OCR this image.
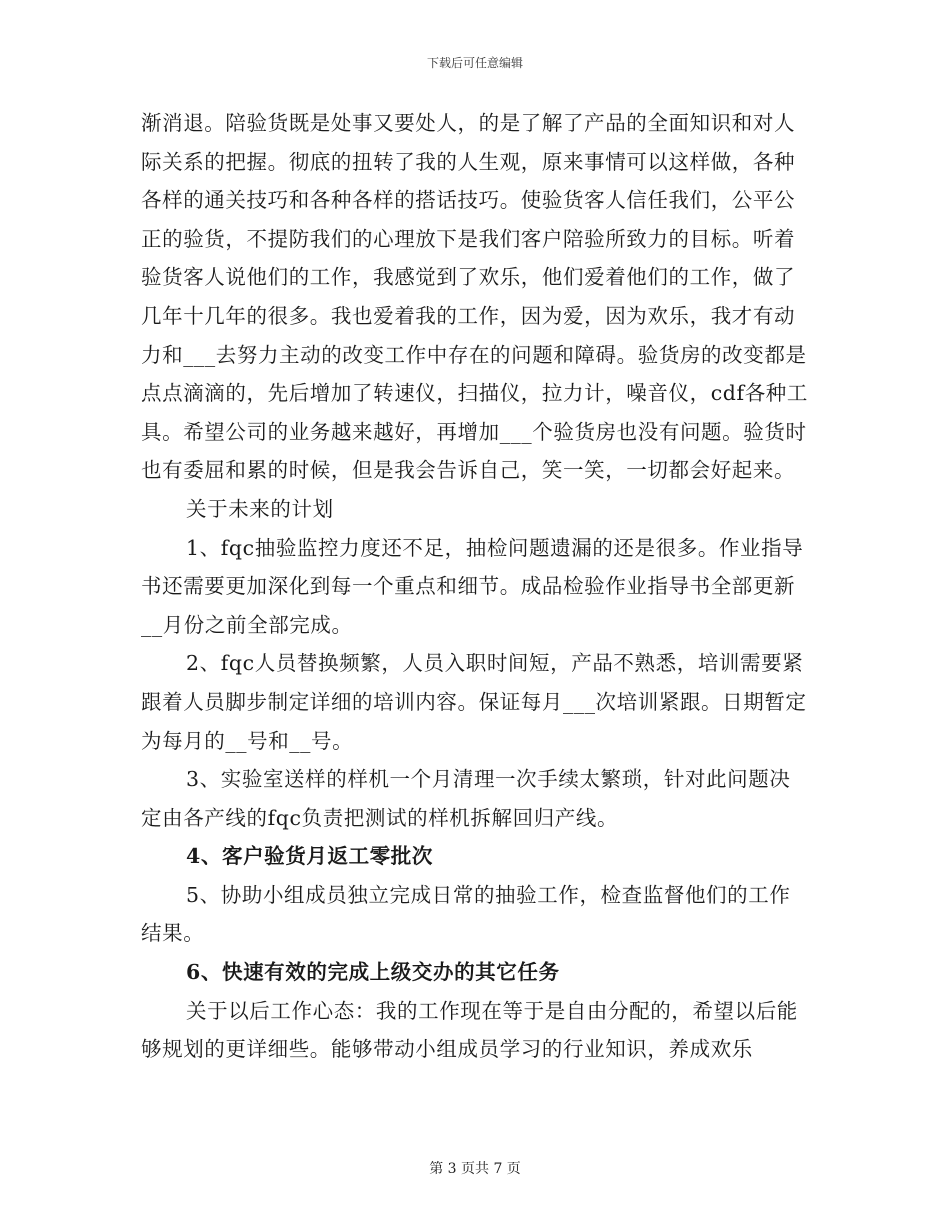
下载后可任意编辑

渐消退。陪验货既是处事又要处人，的是了解了产品的全面知识和对人际关系的把握。彻底的扭转了我的人生观，原来事情可以这样做，各种各样的通关技巧和各种各样的搭话技巧。使验货客人信任我们，公平公正的验货，不提防我们的心理放下是我们客户陪验所致力的目标。听着验货客人说他们的工作，我感觉到了欢乐，他们爱着他们的工作，做了几年十几年的很多。我也爱着我的工作，因为爱，因为欢乐，我才有动力和___去努力主动的改变工作中存在的问题和障碍。验货房的改变都是点点滴滴的，先后增加了转速仪，扫描仪，拉力计，噪音仪，cdf各种工具。希望公司的业务越来越好，再增加___个验货房也没有问题。验货时也有委屈和累的时候，但是我会告诉自己，笑一笑，一切都会好起来。

关于未来的计划

1、fqc抽验监控力度还不足，抽检问题遗漏的还是很多。作业指导书还需要更加深化到每一个重点和细节。成品检验作业指导书全部更新__月份之前全部完成。

2、fqc人员替换频繁，人员入职时间短，产品不熟悉，培训需要紧跟着人员脚步制定详细的培训内容。保证每月___次培训紧跟。日期暂定为每月的__号和__号。

3、实验室送样的样机一个月清理一次手续太繁琐，针对此问题决定由各产线的fqc负责把测试的样机拆解回归产线。

4、客户验货月返工零批次

5、协助小组成员独立完成日常的抽验工作，检查监督他们的工作结果。

6、快速有效的完成上级交办的其它任务

关于以后工作心态：我的工作现在等于是自由分配的，希望以后能够规划的更详细些。能够带动小组成员学习的行业知识，养成欢乐

第 3 页共 7 页
